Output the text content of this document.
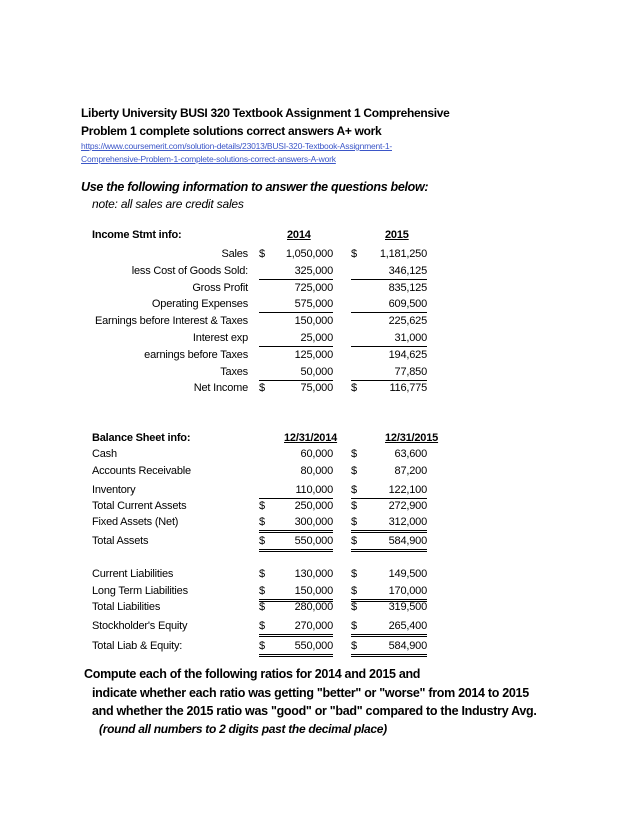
Liberty University BUSI 320 Textbook Assignment 1 Comprehensive
Problem 1 complete solutions correct answers A+ work
https://www.coursemerit.com/solution-details/23013/BUSI-320-Textbook-Assignment-1-
Comprehensive-Problem-1-complete-solutions-correct-answers-A-work
Use the following information to answer the questions below:
note: all sales are credit sales
Income Stmt info:	2014	2015
Sales $	1,050,000 $	1,181,250
less Cost of Goods Sold:	325,000	346,125
Gross Profit	725,000	835,125
Operating Expenses	575,000	609,500
Earnings before Interest & Taxes	150,000	225,625
Interest exp	25,000	31,000
earnings before Taxes	125,000	194,625
Taxes	50,000	77,850
Net Income $	75,000 $	116,775
Balance Sheet info:	12/31/2014	12/31/2015
Cash	60,000 $	63,600
Accounts Receivable	80,000 $	87,200
Inventory	110,000 $	122,100
Total Current Assets	$	250,000 $	272,900
Fixed Assets (Net)	$	300,000 $	312,000
Total Assets	$	550,000 $	584,900
Current Liabilities	$	130,000 $	149,500
Long Term Liabilities	$	150,000 $	170,000
Total Liabilities	$	280,000 $	319,500
Stockholder's Equity	$	270,000 $	265,400
Total Liab & Equity:	$	550,000 $	584,900
Compute each of the following ratios for 2014 and 2015 and
indicate whether each ratio was getting "better" or "worse" from 2014 to 2015
and whether the 2015 ratio was "good" or "bad" compared to the Industry Avg.
(round all numbers to 2 digits past the decimal place)
